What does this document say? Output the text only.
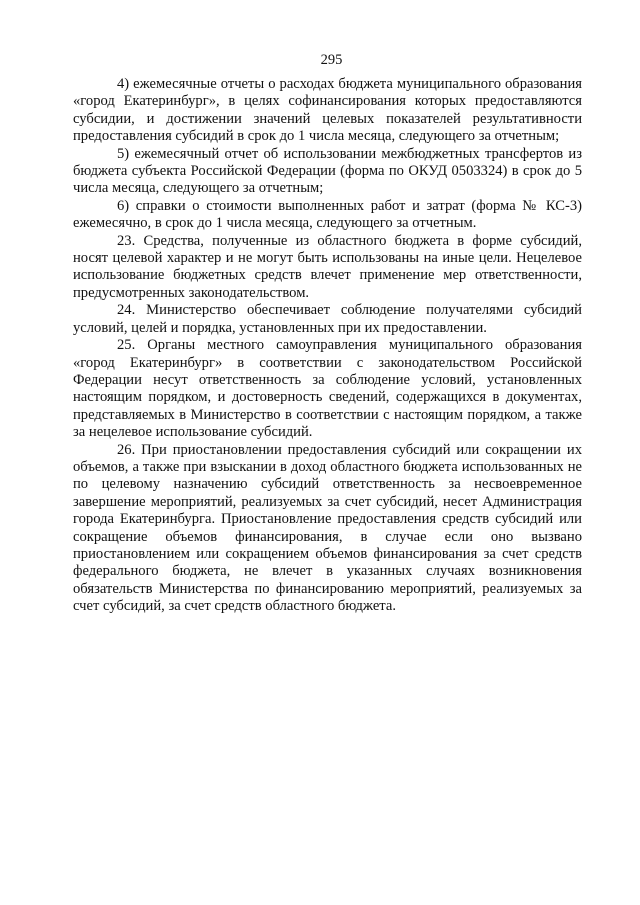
295

4) ежемесячные отчеты о расходах бюджета муниципального образования «город Екатеринбург», в целях софинансирования которых предоставляются субсидии, и достижении значений целевых показателей результативности предоставления субсидий в срок до 1 числа месяца, следующего за отчетным;

5) ежемесячный отчет об использовании межбюджетных трансфертов из бюджета субъекта Российской Федерации (форма по ОКУД 0503324) в срок до 5 числа месяца, следующего за отчетным;

6) справки о стоимости выполненных работ и затрат (форма № КС-3) ежемесячно, в срок до 1 числа месяца, следующего за отчетным.

23. Средства, полученные из областного бюджета в форме субсидий, носят целевой характер и не могут быть использованы на иные цели. Нецелевое использование бюджетных средств влечет применение мер ответственности, предусмотренных законодательством.

24. Министерство обеспечивает соблюдение получателями субсидий условий, целей и порядка, установленных при их предоставлении.

25. Органы местного самоуправления муниципального образования «город Екатеринбург» в соответствии с законодательством Российской Федерации несут ответственность за соблюдение условий, установленных настоящим порядком, и достоверность сведений, содержащихся в документах, представляемых в Министерство в соответствии с настоящим порядком, а также за нецелевое использование субсидий.

26. При приостановлении предоставления субсидий или сокращении их объемов, а также при взыскании в доход областного бюджета использованных не по целевому назначению субсидий ответственность за несвоевременное завершение мероприятий, реализуемых за счет субсидий, несет Администрация города Екатеринбурга. Приостановление предоставления средств субсидий или сокращение объемов финансирования, в случае если оно вызвано приостановлением или сокращением объемов финансирования за счет средств федерального бюджета, не влечет в указанных случаях возникновения обязательств Министерства по финансированию мероприятий, реализуемых за счет субсидий, за счет средств областного бюджета.
